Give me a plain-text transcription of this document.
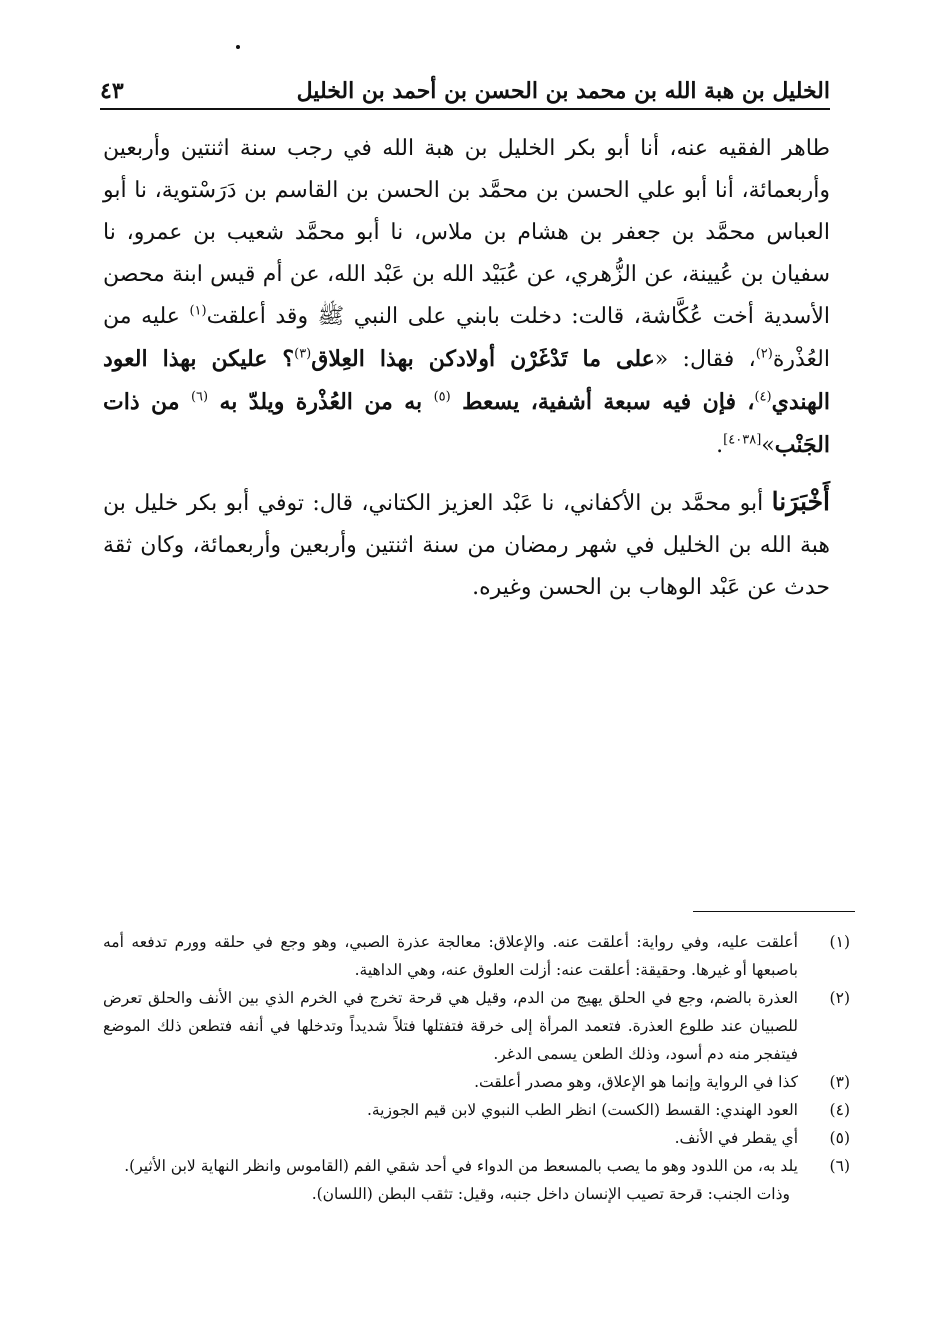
الخليل بن هبة الله بن محمد بن الحسن بن أحمد بن الخليل
٤٣

طاهر الفقيه عنه، أنا أبو بكر الخليل بن هبة الله في رجب سنة اثنتين وأربعين وأربعمائة، أنا أبو علي الحسن بن محمَّد بن الحسن بن القاسم بن دَرَسْتوية، نا أبو العباس محمَّد بن جعفر بن هشام بن ملاس، نا أبو محمَّد شعيب بن عمرو، نا سفيان بن عُيينة، عن الزُّهري، عن عُبَيْد الله بن عَبْد الله، عن أم قيس ابنة محصن الأسدية أخت عُكَّاشة، قالت: دخلت بابني على النبي ﷺ وقد أعلقت$^{(١)}$ عليه من العُذْرة$^{(٢)}$، فقال: «على ما تَدْغَرْن أولادكن بهذا العِلاق$^{(٣)}$؟ عليكن بهذا العود الهندي$^{(٤)}$، فإن فيه سبعة أشفية، يسعط $^{(٥)}$ به من العُذْرة ويلدّ به $^{(٦)}$ من ذات الجَنْب»[٤٠٣٨].

أَخْبَرَنا أبو محمَّد بن الأكفاني، نا عَبْد العزيز الكتاني، قال: توفي أبو بكر خليل بن هبة الله بن الخليل في شهر رمضان من سنة اثنتين وأربعين وأربعمائة، وكان ثقة حدث عن عَبْد الوهاب بن الحسن وغيره.

(١)
أعلقت عليه، وفي رواية: أعلقت عنه. والإعلاق: معالجة عذرة الصبي، وهو وجع في حلقه وورم تدفعه أمه باصبعها أو غيرها. وحقيقة: أعلقت عنه: أزلت العلوق عنه، وهي الداهية.
(٢)
العذرة بالضم، وجع في الحلق يهيج من الدم، وقيل هي قرحة تخرج في الخرم الذي بين الأنف والحلق تعرض للصبيان عند طلوع العذرة. فتعمد المرأة إلى خرقة فتفتلها فتلاً شديداً وتدخلها في أنفه فتطعن ذلك الموضع فيتفجر منه دم أسود، وذلك الطعن يسمى الدغر.
(٣)
كذا في الرواية وإنما هو الإعلاق، وهو مصدر أعلقت.
(٤)
العود الهندي: القسط (الكست) انظر الطب النبوي لابن قيم الجوزية.
(٥)
أي يقطر في الأنف.
(٦)
يلد به، من اللدود وهو ما يصب بالمسعط من الدواء في أحد شقي الفم (القاموس وانظر النهاية لابن الأثير).
وذات الجنب: قرحة تصيب الإنسان داخل جنبه، وقيل: تثقب البطن (اللسان).
